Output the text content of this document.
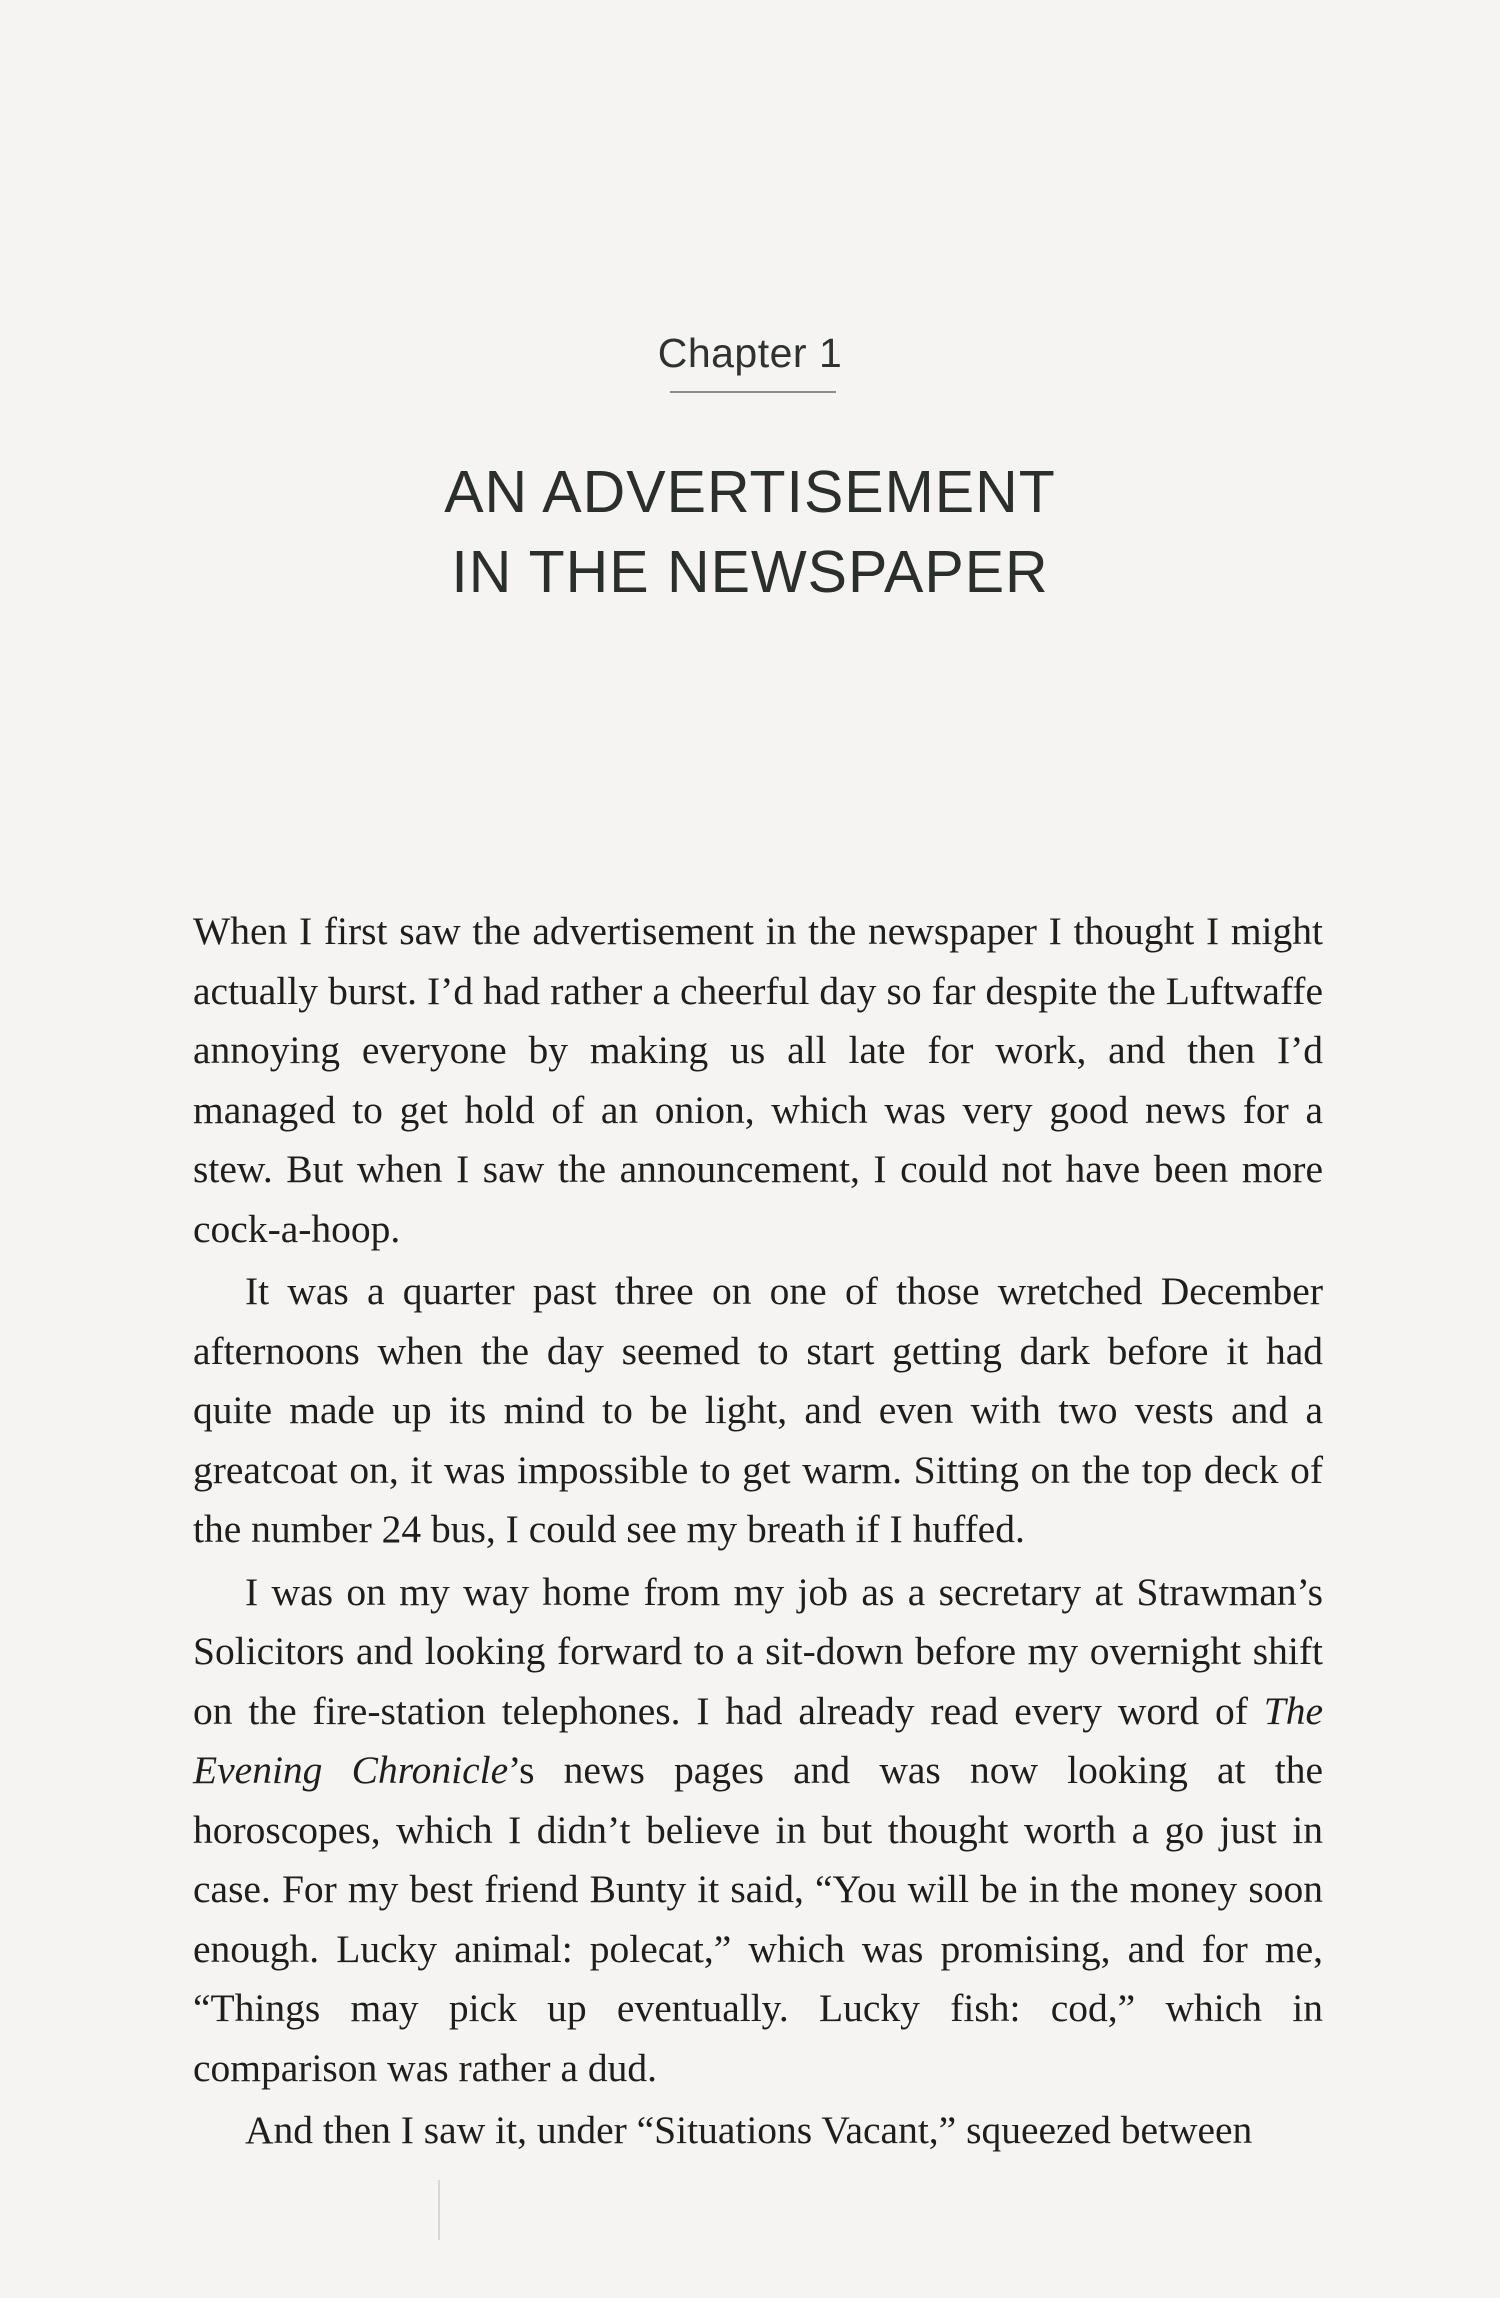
Chapter 1
AN ADVERTISEMENT
IN THE NEWSPAPER

When I first saw the advertisement in the newspaper I thought I might actually burst. I’d had rather a cheerful day so far despite the Luftwaffe annoying everyone by making us all late for work, and then I’d managed to get hold of an onion, which was very good news for a stew. But when I saw the announcement, I could not have been more cock-a-hoop.

It was a quarter past three on one of those wretched December afternoons when the day seemed to start getting dark before it had quite made up its mind to be light, and even with two vests and a greatcoat on, it was impossible to get warm. Sitting on the top deck of the number 24 bus, I could see my breath if I huffed.

I was on my way home from my job as a secretary at Strawman’s Solicitors and looking forward to a sit-down before my overnight shift on the fire-station telephones. I had already read every word of The Evening Chronicle’s news pages and was now looking at the horoscopes, which I didn’t believe in but thought worth a go just in case. For my best friend Bunty it said, “You will be in the money soon enough. Lucky animal: polecat,” which was promising, and for me, “Things may pick up eventually. Lucky fish: cod,” which in comparison was rather a dud.

And then I saw it, under “Situations Vacant,” squeezed between
